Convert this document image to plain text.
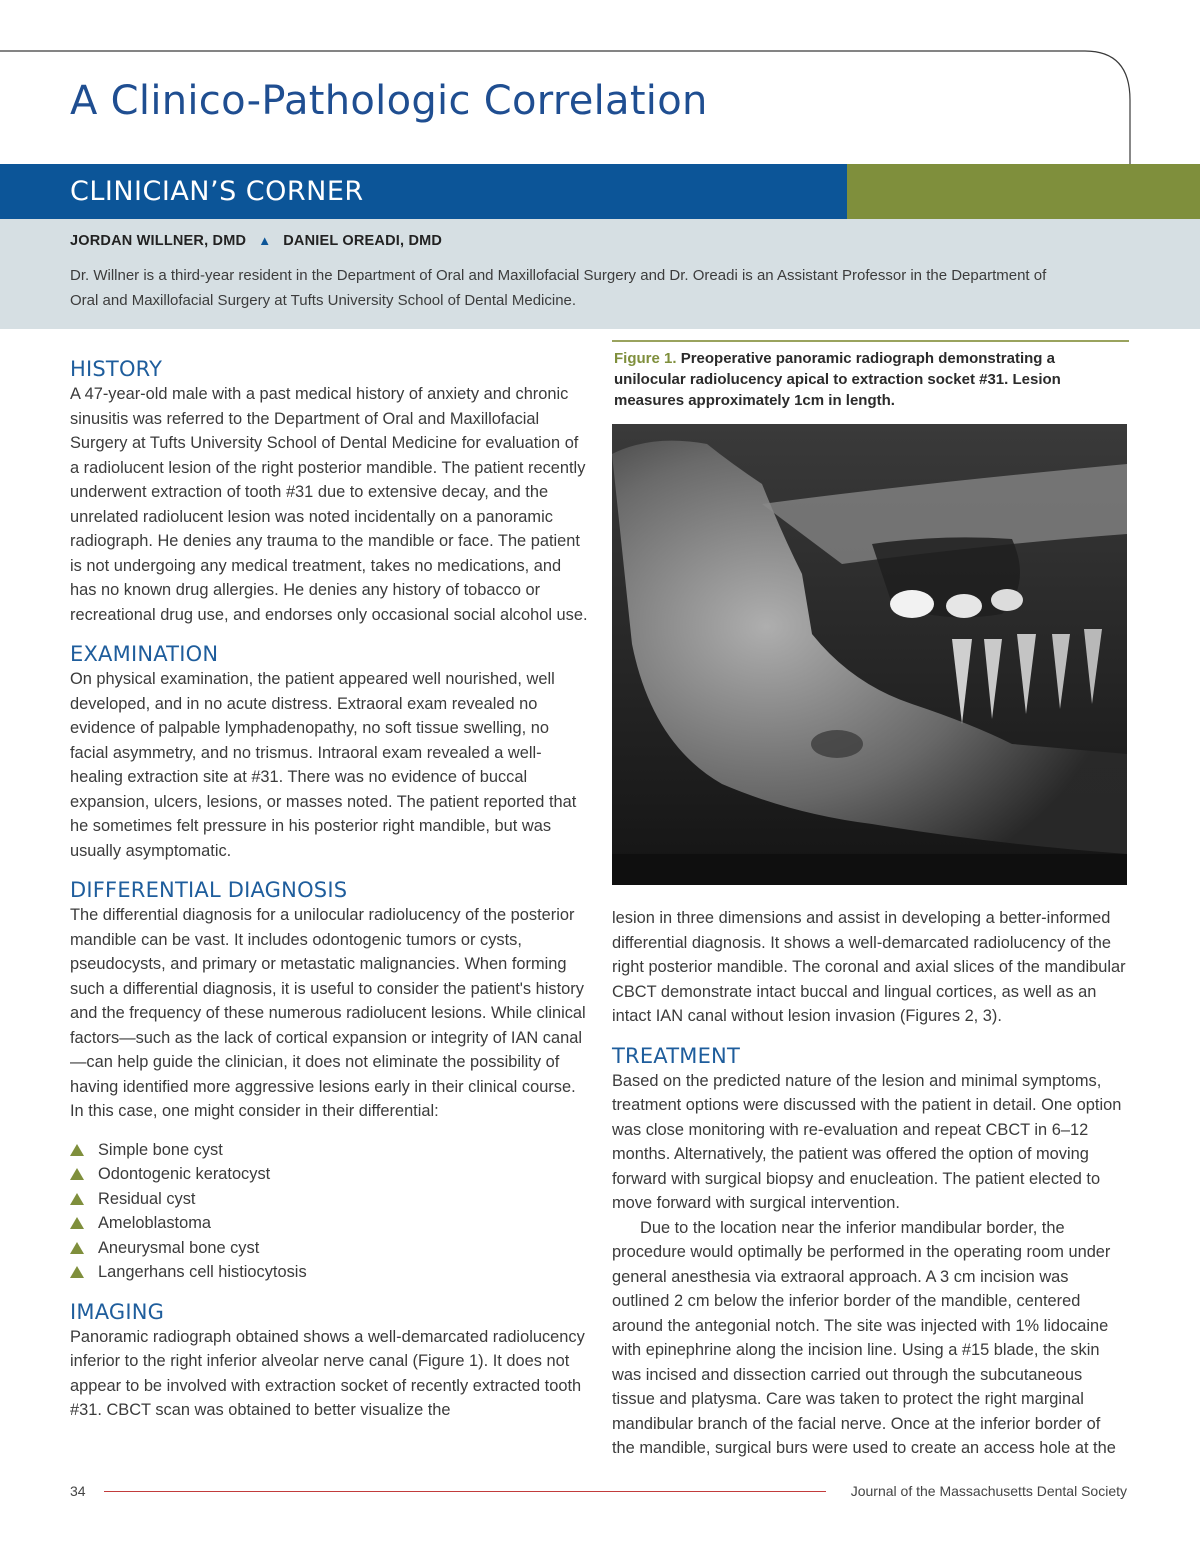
A Clinico-Pathologic Correlation
CLINICIAN’S CORNER
JORDAN WILLNER, DMD ▲ DANIEL OREADI, DMD
Dr. Willner is a third-year resident in the Department of Oral and Maxillofacial Surgery and Dr. Oreadi is an Assistant Professor in the Department of Oral and Maxillofacial Surgery at Tufts University School of Dental Medicine.
HISTORY

A 47-year-old male with a past medical history of anxiety and chronic sinusitis was referred to the Department of Oral and Maxillofacial Surgery at Tufts University School of Dental Medicine for evaluation of a radiolucent lesion of the right posterior mandible. The patient recently underwent extraction of tooth #31 due to extensive decay, and the unrelated radiolucent lesion was noted incidentally on a panoramic radiograph. He denies any trauma to the mandible or face. The patient is not undergoing any medical treatment, takes no medications, and has no known drug allergies. He denies any history of tobacco or recreational drug use, and endorses only occasional social alcohol use.

EXAMINATION

On physical examination, the patient appeared well nourished, well developed, and in no acute distress. Extraoral exam revealed no evidence of palpable lymphadenopathy, no soft tissue swelling, no facial asymmetry, and no trismus. Intraoral exam revealed a well-healing extraction site at #31. There was no evidence of buccal expansion, ulcers, lesions, or masses noted. The patient reported that he sometimes felt pressure in his posterior right mandible, but was usually asymptomatic.

DIFFERENTIAL DIAGNOSIS

The differential diagnosis for a unilocular radiolucency of the posterior mandible can be vast. It includes odontogenic tumors or cysts, pseudocysts, and primary or metastatic malignancies. When forming such a differential diagnosis, it is useful to consider the patient's history and the frequency of these numerous radiolucent lesions. While clinical factors—such as the lack of cortical expansion or integrity of IAN canal—can help guide the clinician, it does not eliminate the possibility of having identified more aggressive lesions early in their clinical course. In this case, one might consider in their differential:

Simple bone cyst
Odontogenic keratocyst
Residual cyst
Ameloblastoma
Aneurysmal bone cyst
Langerhans cell histiocytosis
IMAGING

Panoramic radiograph obtained shows a well-demarcated radiolucency inferior to the right inferior alveolar nerve canal (Figure 1). It does not appear to be involved with extraction socket of recently extracted tooth #31. CBCT scan was obtained to better visualize the

Figure 1. Preoperative panoramic radiograph demonstrating a unilocular radiolucency apical to extraction socket #31. Lesion measures approximately 1cm in length.

lesion in three dimensions and assist in developing a better-informed differential diagnosis. It shows a well-demarcated radiolucency of the right posterior mandible. The coronal and axial slices of the mandibular CBCT demonstrate intact buccal and lingual cortices, as well as an intact IAN canal without lesion invasion (Figures 2, 3).

TREATMENT

Based on the predicted nature of the lesion and minimal symptoms, treatment options were discussed with the patient in detail. One option was close monitoring with re-evaluation and repeat CBCT in 6–12 months. Alternatively, the patient was offered the option of moving forward with surgical biopsy and enucleation. The patient elected to move forward with surgical intervention.

Due to the location near the inferior mandibular border, the procedure would optimally be performed in the operating room under general anesthesia via extraoral approach. A 3 cm incision was outlined 2 cm below the inferior border of the mandible, centered around the antegonial notch. The site was injected with 1% lidocaine with epinephrine along the incision line. Using a #15 blade, the skin was incised and dissection carried out through the subcutaneous tissue and platysma. Care was taken to protect the right marginal mandibular branch of the facial nerve. Once at the inferior border of the mandible, surgical burs were used to create an access hole at the

34	Journal of the Massachusetts Dental Society
